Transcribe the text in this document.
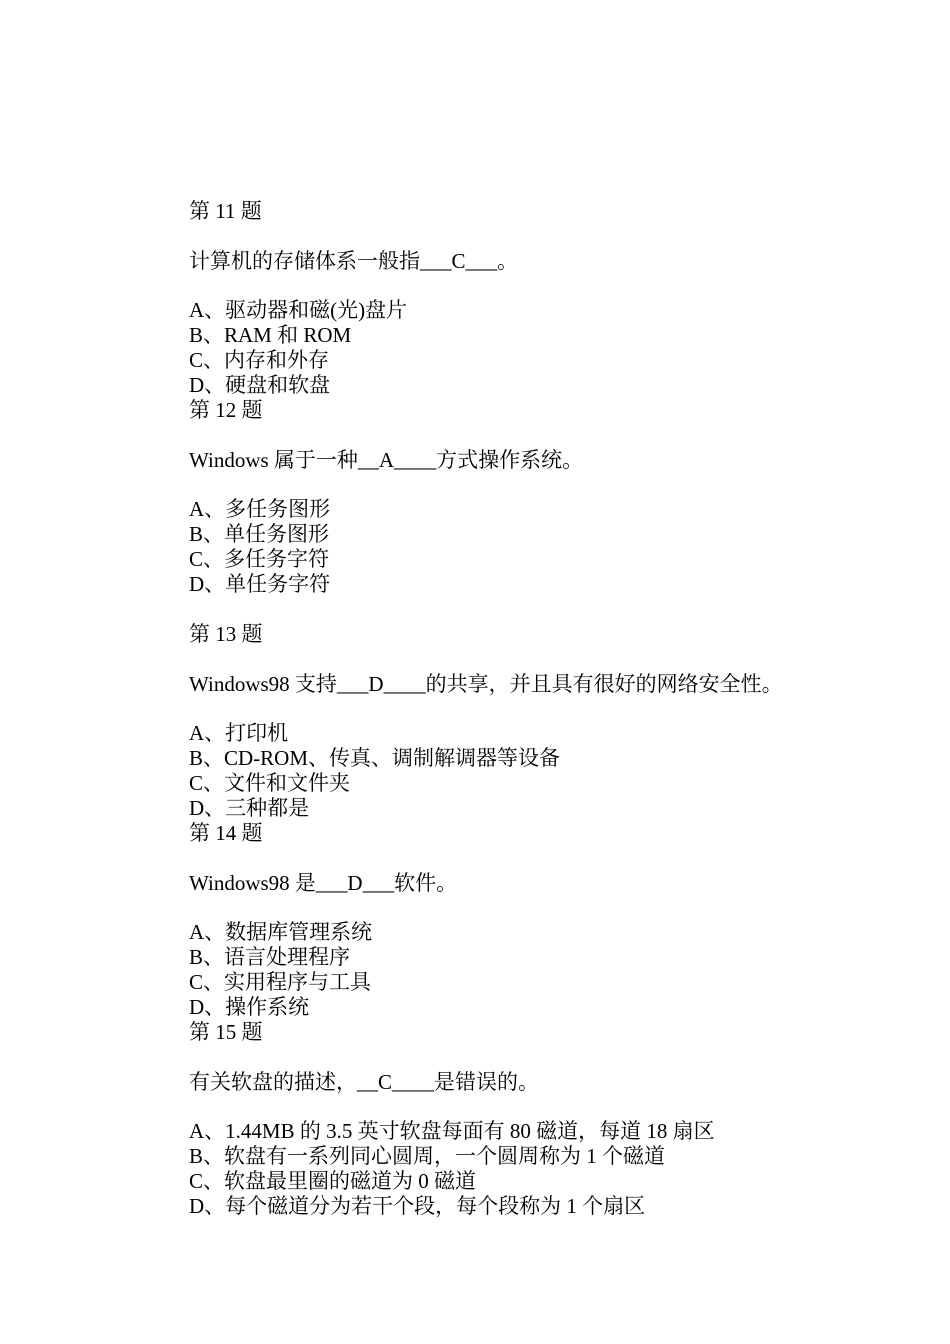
第 11 题
计算机的存储体系一般指___C___。
A、驱动器和磁(光)盘片
B、RAM 和 ROM
C、内存和外存
D、硬盘和软盘
第 12 题
Windows 属于一种__A____方式操作系统。
A、多任务图形
B、单任务图形
C、多任务字符
D、单任务字符
第 13 题
Windows98 支持___D____的共享，并且具有很好的网络安全性。
A、打印机
B、CD-ROM、传真、调制解调器等设备
C、文件和文件夹
D、三种都是
第 14 题
Windows98 是___D___软件。
A、数据库管理系统
B、语言处理程序
C、实用程序与工具
D、操作系统
第 15 题
有关软盘的描述，__C____是错误的。
A、1.44MB 的 3.5 英寸软盘每面有 80 磁道，每道 18 扇区
B、软盘有一系列同心圆周，一个圆周称为 1 个磁道
C、软盘最里圈的磁道为 0 磁道
D、每个磁道分为若干个段，每个段称为 1 个扇区
